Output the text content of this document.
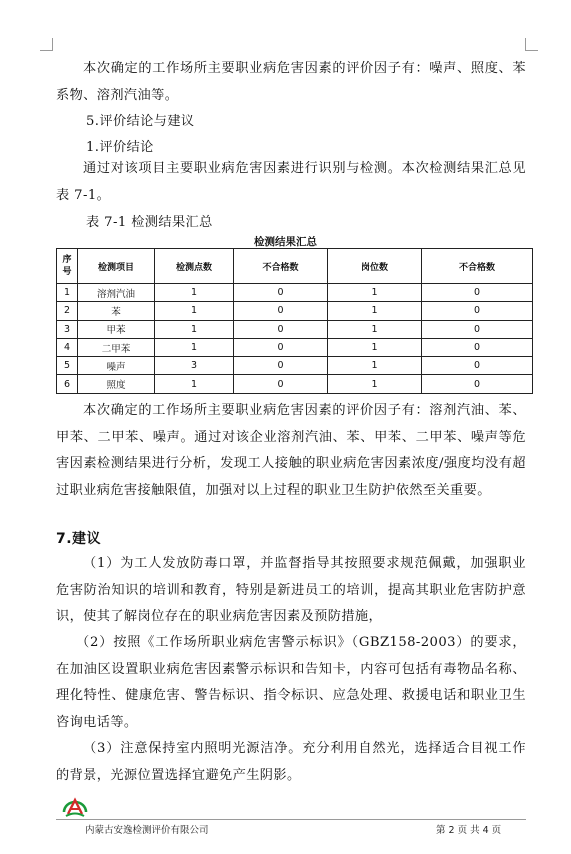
本次确定的工作场所主要职业病危害因素的评价因子有：噪声、照度、苯系物、溶剂汽油等。
5.评价结论与建议
1.评价结论
通过对该项目主要职业病危害因素进行识别与检测。本次检测结果汇总见表 7-1。
表 7-1 检测结果汇总
检测结果汇总
序号	检测项目	检测点数	不合格数	岗位数	不合格数
1	溶剂汽油	1	0	1	0
2	苯	1	0	1	0
3	甲苯	1	0	1	0
4	二甲苯	1	0	1	0
5	噪声	3	0	1	0
6	照度	1	0	1	0
本次确定的工作场所主要职业病危害因素的评价因子有：溶剂汽油、苯、甲苯、二甲苯、噪声。通过对该企业溶剂汽油、苯、甲苯、二甲苯、噪声等危害因素检测结果进行分析，发现工人接触的职业病危害因素浓度/强度均没有超过职业病危害接触限值，加强对以上过程的职业卫生防护依然至关重要。
7.建议
（1）为工人发放防毒口罩，并监督指导其按照要求规范佩戴，加强职业危害防治知识的培训和教育，特别是新进员工的培训，提高其职业危害防护意识，使其了解岗位存在的职业病危害因素及预防措施，
（2）按照《工作场所职业病危害警示标识》（GBZ158-2003）的要求，在加油区设置职业病危害因素警示标识和告知卡，内容可包括有毒物品名称、理化特性、健康危害、警告标识、指令标识、应急处理、救援电话和职业卫生咨询电话等。
（3）注意保持室内照明光源洁净。充分利用自然光，选择适合目视工作的背景，光源位置选择宜避免产生阴影。
内蒙古安逸检测评价有限公司	第 2 页 共 4 页
